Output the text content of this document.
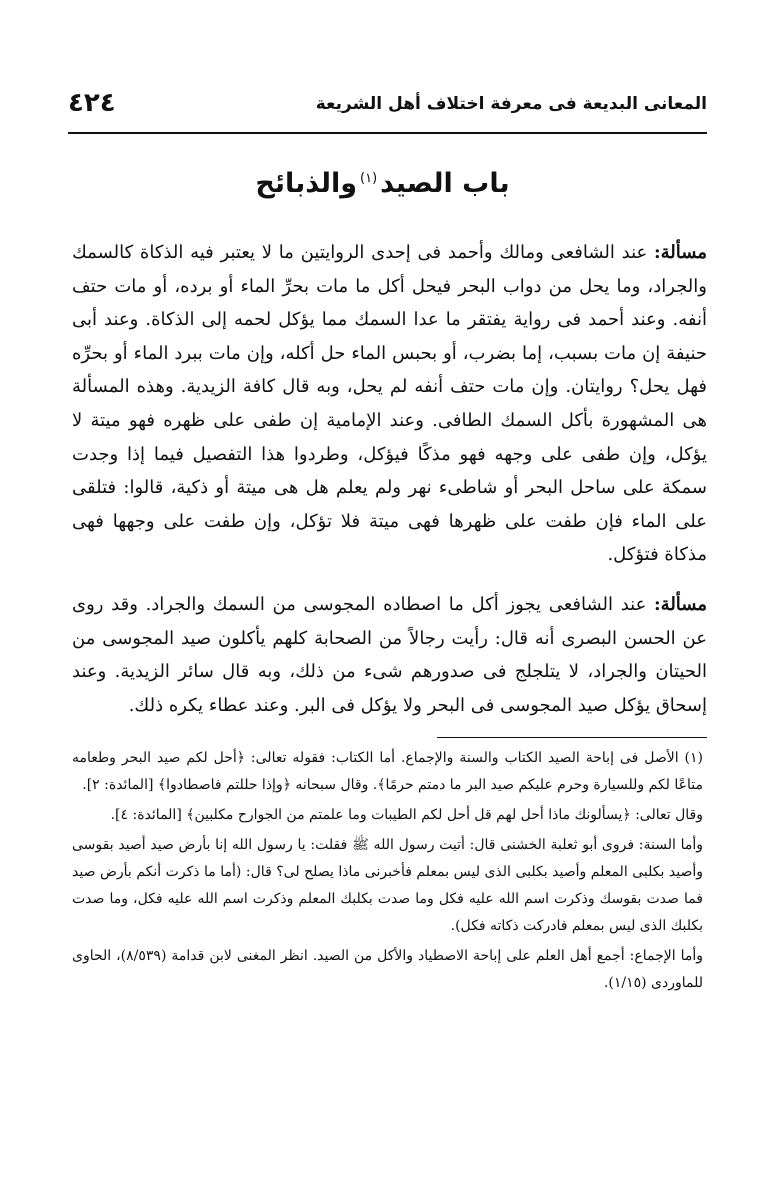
المعانى البديعة فى معرفة اختلاف أهل الشريعة
٤٢٤
باب الصيد$^{(١)}$والذبائح

مسألة: عند الشافعى ومالك وأحمد فى إحدى الروايتين ما لا يعتبر فيه الذكاة كالسمك والجراد، وما يحل من دواب البحر فيحل أكل ما مات بحرِّ الماء أو برده، أو مات حتف أنفه. وعند أحمد فى رواية يفتقر ما عدا السمك مما يؤكل لحمه إلى الذكاة. وعند أبى حنيفة إن مات بسبب، إما بضرب، أو بحبس الماء حل أكله، وإن مات ببرد الماء أو بحرِّه فهل يحل؟ روايتان. وإن مات حتف أنفه لم يحل، وبه قال كافة الزيدية. وهذه المسألة هى المشهورة بأكل السمك الطافى. وعند الإمامية إن طفى على ظهره فهو ميتة لا يؤكل، وإن طفى على وجهه فهو مذكًا فيؤكل، وطردوا هذا التفصيل فيما إذا وجدت سمكة على ساحل البحر أو شاطىء نهر ولم يعلم هل هى ميتة أو ذكية، قالوا: فتلقى على الماء فإن طفت على ظهرها فهى ميتة فلا تؤكل، وإن طفت على وجهها فهى مذكاة فتؤكل.

مسألة: عند الشافعى يجوز أكل ما اصطاده المجوسى من السمك والجراد. وقد روى عن الحسن البصرى أنه قال: رأيت رجالاً من الصحابة كلهم يأكلون صيد المجوسى من الحيتان والجراد، لا يتلجلج فى صدورهم شىء من ذلك، وبه قال سائر الزيدية. وعند إسحاق يؤكل صيد المجوسى فى البحر ولا يؤكل فى البر. وعند عطاء يكره ذلك.

(١) الأصل فى إباحة الصيد الكتاب والسنة والإجماع. أما الكتاب: فقوله تعالى: ﴿أحل لكم صيد البحر وطعامه متاعًا لكم وللسيارة وحرم عليكم صيد البر ما دمتم حرمًا﴾. وقال سبحانه ﴿وإذا حللتم فاصطادوا﴾ [المائدة: ٢].

وقال تعالى: ﴿يسألونك ماذا أحل لهم قل أحل لكم الطيبات وما علمتم من الجوارح مكلبين﴾ [المائدة: ٤].

وأما السنة: فروى أبو ثعلبة الخشنى قال: أتيت رسول الله ﷺ فقلت: يا رسول الله إنا بأرض صيد أصيد بقوسى وأصيد بكلبى المعلم وأصيد بكلبى الذى ليس بمعلم فأخبرنى ماذا يصلح لى؟ قال: (أما ما ذكرت أنكم بأرض صيد فما صدت بقوسك وذكرت اسم الله عليه فكل وما صدت بكلبك المعلم وذكرت اسم الله عليه فكل، وما صدت بكلبك الذى ليس بمعلم فادركت ذكاته فكل).

وأما الإجماع: أجمع أهل العلم على إباحة الاصطياد والأكل من الصيد. انظر المغنى لابن قدامة (٨/٥٣٩)، الحاوى للماوردى (١/١٥).
